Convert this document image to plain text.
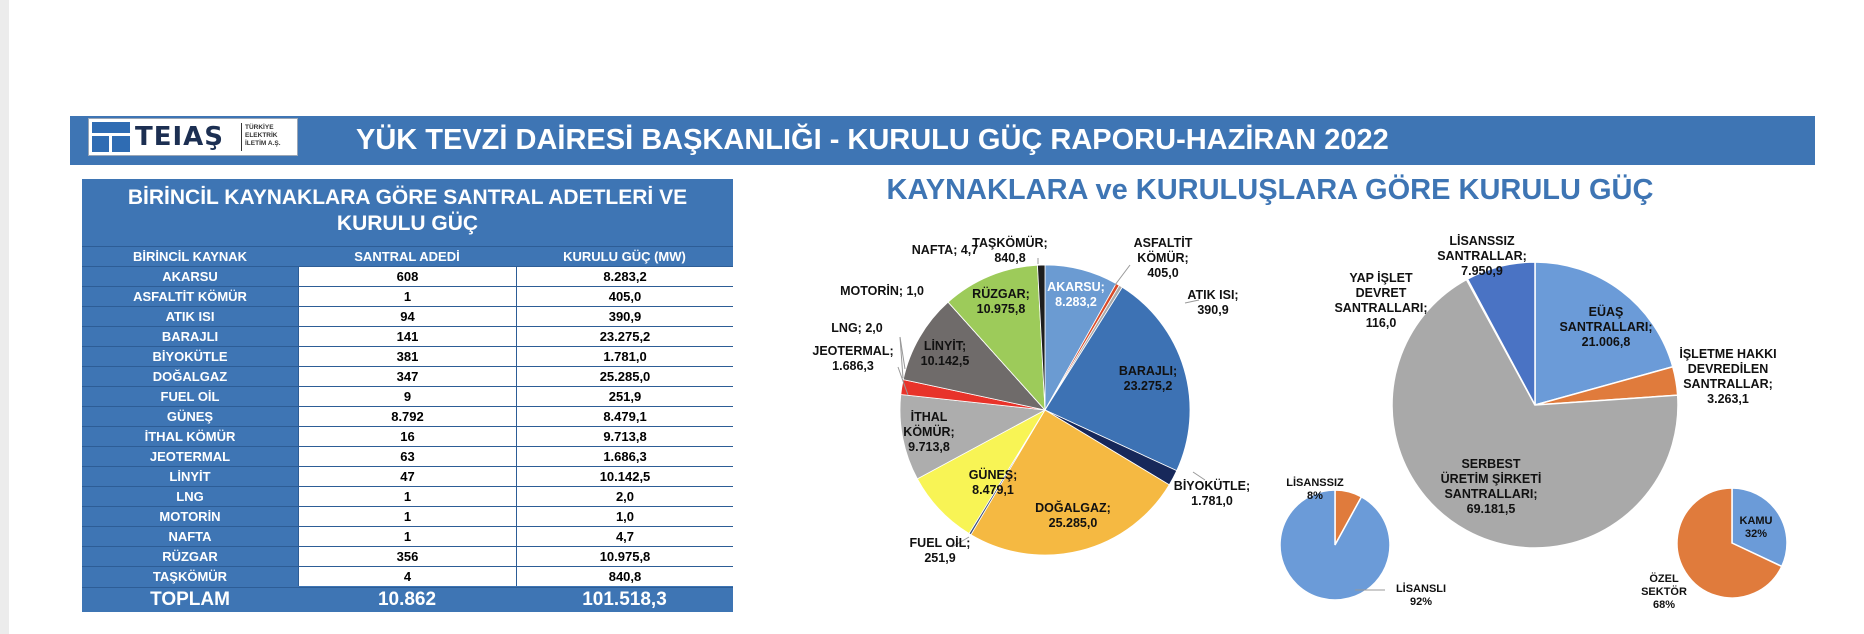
TEIAŞ	TÜRKİYE ELEKTRİK İLETİM A.Ş.	YÜK TEVZİ DAİRESİ BAŞKANLIĞI - KURULU GÜÇ RAPORU-HAZİRAN 2022
BİRİNCİL KAYNAKLARA GÖRE SANTRAL ADETLERİ VE
KURULU GÜÇ
BİRİNCİL KAYNAK	SANTRAL ADEDİ	KURULU GÜÇ (MW)
AKARSU	608	8.283,2
ASFALTİT KÖMÜR	1	405,0
ATIK ISI	94	390,9
BARAJLI	141	23.275,2
BİYOKÜTLE	381	1.781,0
DOĞALGAZ	347	25.285,0
FUEL OİL	9	251,9
GÜNEŞ	8.792	8.479,1
İTHAL KÖMÜR	16	9.713,8
JEOTERMAL	63	1.686,3
LİNYİT	47	10.142,5
LNG	1	2,0
MOTORİN	1	1,0
NAFTA	1	4,7
RÜZGAR	356	10.975,8
TAŞKÖMÜR	4	840,8
TOPLAM	10.862	101.518,3
KAYNAKLARA ve KURULUŞLARA GÖRE KURULU GÜÇ
AKARSU; 8.283,2
ASFALTİT KÖMÜR; 405,0
ATIK ISI; 390,9
BARAJLI; 23.275,2
BİYOKÜTLE; 1.781,0
DOĞALGAZ; 25.285,0
FUEL OİL; 251,9
GÜNEŞ; 8.479,1
İTHAL KÖMÜR; 9.713,8
JEOTERMAL; 1.686,3
LİNYİT; 10.142,5
LNG; 2,0
MOTORİN; 1,0
NAFTA; 4,7
RÜZGAR; 10.975,8
TAŞKÖMÜR; 840,8
EÜAŞ SANTRALLARI; 21.006,8
İŞLETME HAKKI DEVREDİLEN SANTRALLAR; 3.263,1
SERBEST ÜRETİM ŞİRKETİ SANTRALLARI; 69.181,5
YAP İŞLET DEVRET SANTRALLARI; 116,0
LİSANSSIZ SANTRALLAR; 7.950,9
LİSANSSIZ 8%
LİSANSLI 92%
KAMU 32%
ÖZEL SEKTÖR 68%
